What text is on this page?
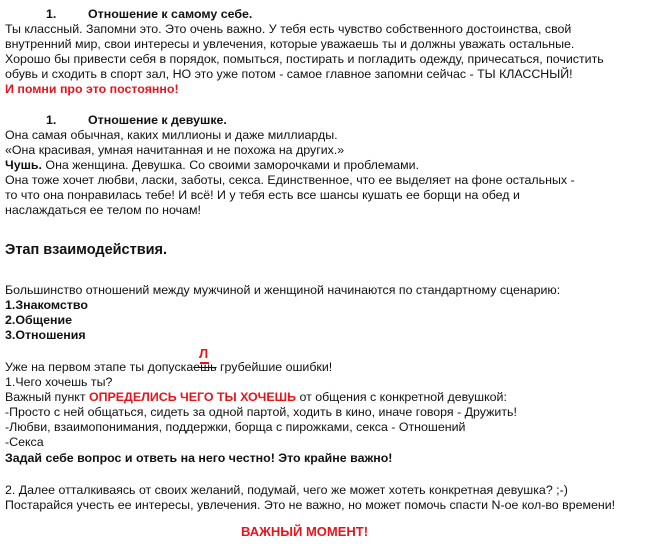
1.	Отношение к самому себе.
Ты классный. Запомни это. Это очень важно. У тебя есть чувство собственного достоинства, свой
внутренний мир, свои интересы и увлечения, которые уважаешь ты и должны уважать остальные.
Хорошо бы привести себя в порядок, помыться, постирать и погладить одежду, причесаться, почистить
обувь и сходить в спорт зал, НО это уже потом - самое главное запомни сейчас - ТЫ КЛАССНЫЙ!
И помни про это постоянно!
1.	Отношение к девушке.
Она самая обычная, каких миллионы и даже миллиарды.
«Она красивая, умная начитанная и не похожа на других.»
Чушь. Она женщина. Девушка. Со своими заморочками и проблемами.
Она тоже хочет любви, ласки, заботы, секса. Единственное, что ее выделяет на фоне остальных -
то что она понравилась тебе! И всё! И у тебя есть все шансы кушать ее борщи на обед и
наслаждаться ее телом по ночам!
Этап взаимодействия.
Большинство отношений между мужчиной и женщиной начинаются по стандартному сценарию:
1.Знакомство
2.Общение
3.Отношения
Л
Уже на первом этапе ты допускаешь грубейшие ошибки!
1.Чего хочешь ты?
Важный пункт ОПРЕДЕЛИСЬ ЧЕГО ТЫ ХОЧЕШЬ от общения с конкретной девушкой:
-Просто с ней общаться, сидеть за одной партой, ходить в кино, иначе говоря - Дружить!
-Любви, взаимопонимания, поддержки, борща с пирожками, секса - Отношений
-Секса
Задай себе вопрос и ответь на него честно! Это крайне важно!
2. Далее отталкиваясь от своих желаний, подумай, чего же может хотеть конкретная девушка? ;-)
Постарайся учесть ее интересы, увлечения. Это не важно, но может помочь спасти N-ое кол-во времени!
ВАЖНЫЙ МОМЕНТ!
